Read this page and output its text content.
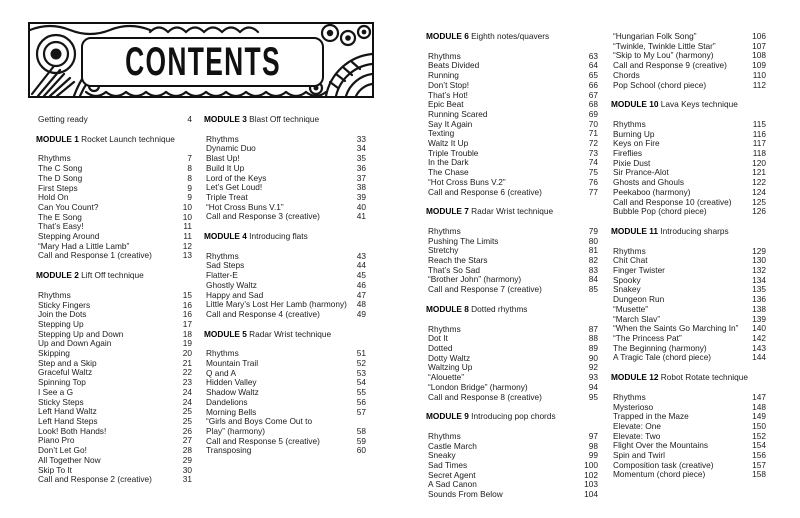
CONTENTS
Getting ready	4
MODULE 1 Rocket Launch technique
Rhythms	7
The C Song	8
The D Song	8
First Steps	9
Hold On	9
Can You Count?	10
The E Song	10
That’s Easy!	11
Stepping Around	11
“Mary Had a Little Lamb”	12
Call and Response 1 (creative)	13
MODULE 2 Lift Off technique
Rhythms	15
Sticky Fingers	16
Join the Dots	16
Stepping Up	17
Stepping Up and Down	18
Up and Down Again	19
Skipping	20
Step and a Skip	21
Graceful Waltz	22
Spinning Top	23
I See a G	24
Sticky Steps	24
Left Hand Waltz	25
Left Hand Steps	25
Look! Both Hands!	26
Piano Pro	27
Don’t Let Go!	28
All Together Now	29
Skip To It	30
Call and Response 2 (creative)	31
MODULE 3 Blast Off technique
Rhythms	33
Dynamic Duo	34
Blast Up!	35
Build It Up	36
Lord of the Keys	37
Let’s Get Loud!	38
Triple Treat	39
“Hot Cross Buns V.1”	40
Call and Response 3 (creative)	41
MODULE 4 Introducing flats
Rhythms	43
Sad Steps	44
Flatter-E	45
Ghostly Waltz	46
Happy and Sad	47
Little Mary’s Lost Her Lamb (harmony)	48
Call and Response 4 (creative)	49
MODULE 5 Radar Wrist technique
Rhythms	51
Mountain Trail	52
Q and A	53
Hidden Valley	54
Shadow Waltz	55
Dandelions	56
Morning Bells	57
“Girls and Boys Come Out to
Play” (harmony)	58
Call and Response 5 (creative)	59
Transposing	60
MODULE 6 Eighth notes/quavers
Rhythms	63
Beats Divided	64
Running	65
Don’t Stop!	66
That’s Hot!	67
Epic Beat	68
Running Scared	69
Say It Again	70
Texting	71
Waltz It Up	72
Triple Trouble	73
In the Dark	74
The Chase	75
“Hot Cross Buns V.2”	76
Call and Response 6 (creative)	77
MODULE 7 Radar Wrist technique
Rhythms	79
Pushing The Limits	80
Stretchy	81
Reach the Stars	82
That’s So Sad	83
“Brother John” (harmony)	84
Call and Response 7 (creative)	85
MODULE 8 Dotted rhythms
Rhythms	87
Dot It	88
Dotted	89
Dotty Waltz	90
Waltzing Up	92
“Alouette”	93
“London Bridge” (harmony)	94
Call and Response 8 (creative)	95
MODULE 9 Introducing pop chords
Rhythms	97
Castle March	98
Sneaky	99
Sad Times	100
Secret Agent	102
A Sad Canon	103
Sounds From Below	104
“Hungarian Folk Song”	106
“Twinkle, Twinkle Little Star”	107
“Skip to My Lou” (harmony)	108
Call and Response 9 (creative)	109
Chords	110
Pop School (chord piece)	112
MODULE 10 Lava Keys technique
Rhythms	115
Burning Up	116
Keys on Fire	117
Fireflies	118
Pixie Dust	120
Sir Prance-Alot	121
Ghosts and Ghouls	122
Peekaboo (harmony)	124
Call and Response 10 (creative)	125
Bubble Pop (chord piece)	126
MODULE 11 Introducing sharps
Rhythms	129
Chit Chat	130
Finger Twister	132
Spooky	134
Snakey	135
Dungeon Run	136
“Musette”	138
“March Slav”	139
“When the Saints Go Marching In”	140
“The Princess Pat”	142
The Beginning (harmony)	143
A Tragic Tale (chord piece)	144
MODULE 12 Robot Rotate technique
Rhythms	147
Mysterioso	148
Trapped in the Maze	149
Elevate: One	150
Elevate: Two	152
Flight Over the Mountains	154
Spin and Twirl	156
Composition task (creative)	157
Momentum (chord piece)	158
